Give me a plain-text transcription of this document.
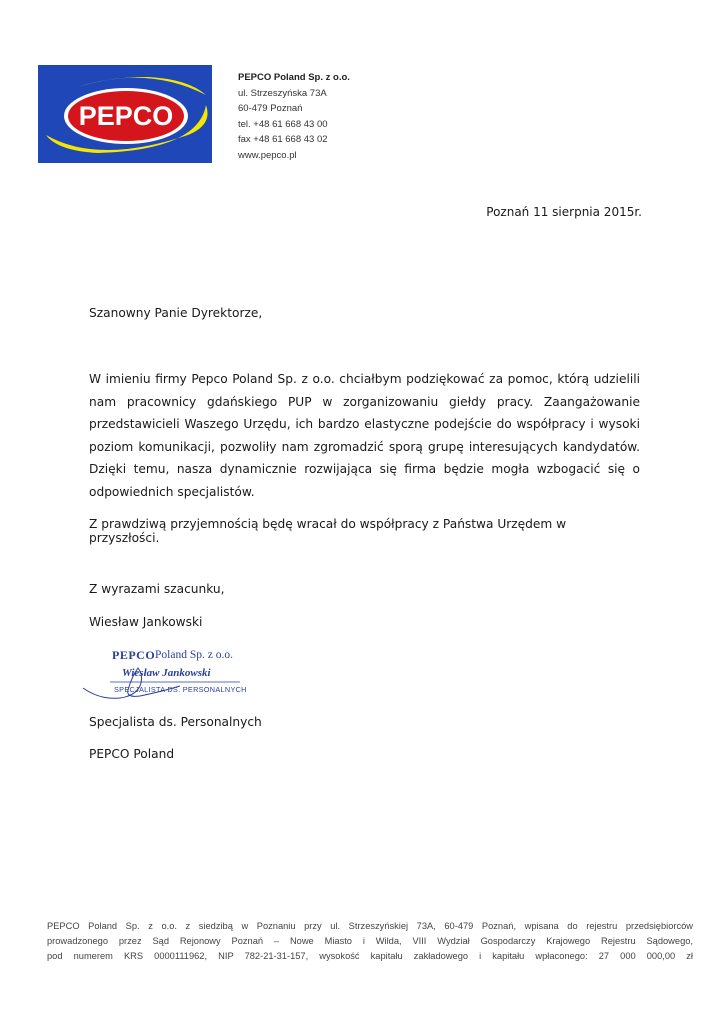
PEPCO
PEPCO Poland Sp. z o.o.
ul. Strzeszyńska 73A
60-479 Poznań
tel. +48 61 668 43 00
fax +48 61 668 43 02
www.pepco.pl
Poznań 11 sierpnia 2015r.
Szanowny Panie Dyrektorze,
W imieniu firmy Pepco Poland Sp. z o.o. chciałbym podziękować za pomoc, którą udzielili nam pracownicy gdańskiego PUP w zorganizowaniu giełdy pracy. Zaangażowanie przedstawicieli Waszego Urzędu, ich bardzo elastyczne podejście do współpracy i wysoki poziom komunikacji, pozwoliły nam zgromadzić sporą grupę interesujących kandydatów. Dzięki temu, nasza dynamicznie rozwijająca się firma będzie mogła wzbogacić się o odpowiednich specjalistów.
Z prawdziwą przyjemnością będę wracał do współpracy z Państwa Urzędem w przyszłości.
Z wyrazami szacunku,
Wiesław Jankowski
PEPCO Poland Sp. z o.o.
Wiesław Jankowski
SPECJALISTA DS. PERSONALNYCH
Specjalista ds. Personalnych
PEPCO Poland
PEPCO Poland Sp. z o.o. z siedzibą w Poznaniu przy ul. Strzeszyńskiej 73A, 60-479 Poznań, wpisana do rejestru przedsiębiorców
prowadzonego przez Sąd Rejonowy Poznań – Nowe Miasto i Wilda, VIII Wydział Gospodarczy Krajowego Rejestru Sądowego,
pod numerem KRS 0000111962, NIP 782-21-31-157, wysokość kapitału zakładowego i kapitału wpłaconego: 27 000 000,00 zł
